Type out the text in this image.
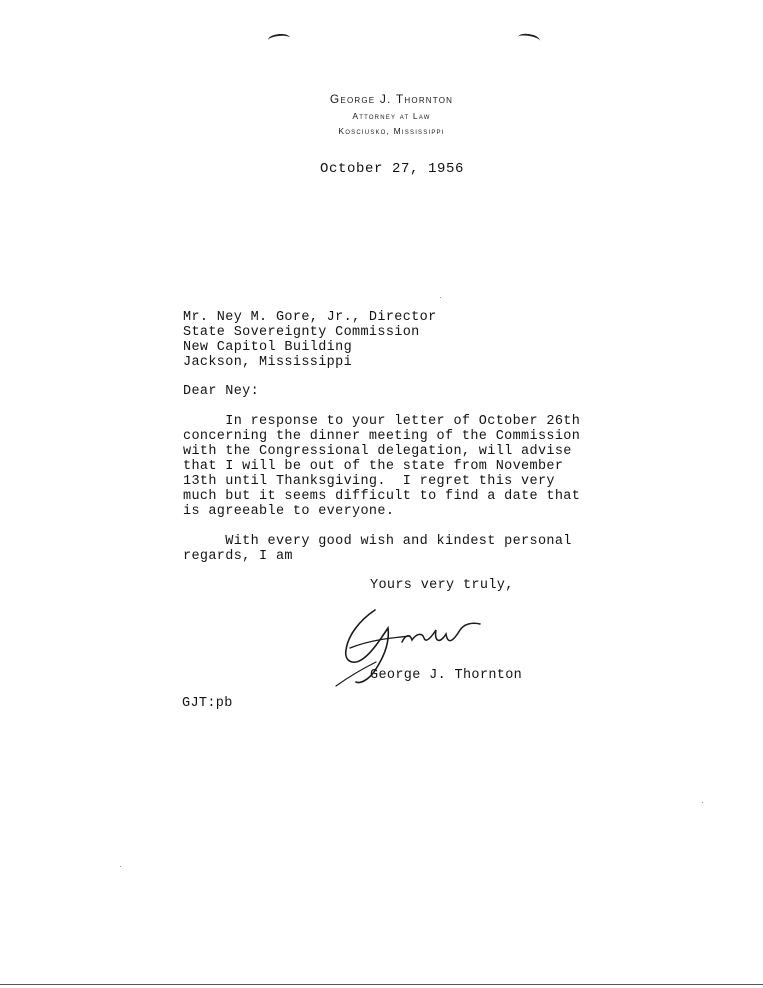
George J. Thornton
Attorney at Law
Kosciusko, Mississippi
October 27, 1956
Mr. Ney M. Gore, Jr., Director
State Sovereignty Commission
New Capitol Building
Jackson, Mississippi
Dear Ney:
In response to your letter of October 26th
concerning the dinner meeting of the Commission
with the Congressional delegation, will advise
that I will be out of the state from November
13th until Thanksgiving.  I regret this very
much but it seems difficult to find a date that
is agreeable to everyone.
With every good wish and kindest personal
regards, I am
Yours very truly,
George J. Thornton
GJT:pb
